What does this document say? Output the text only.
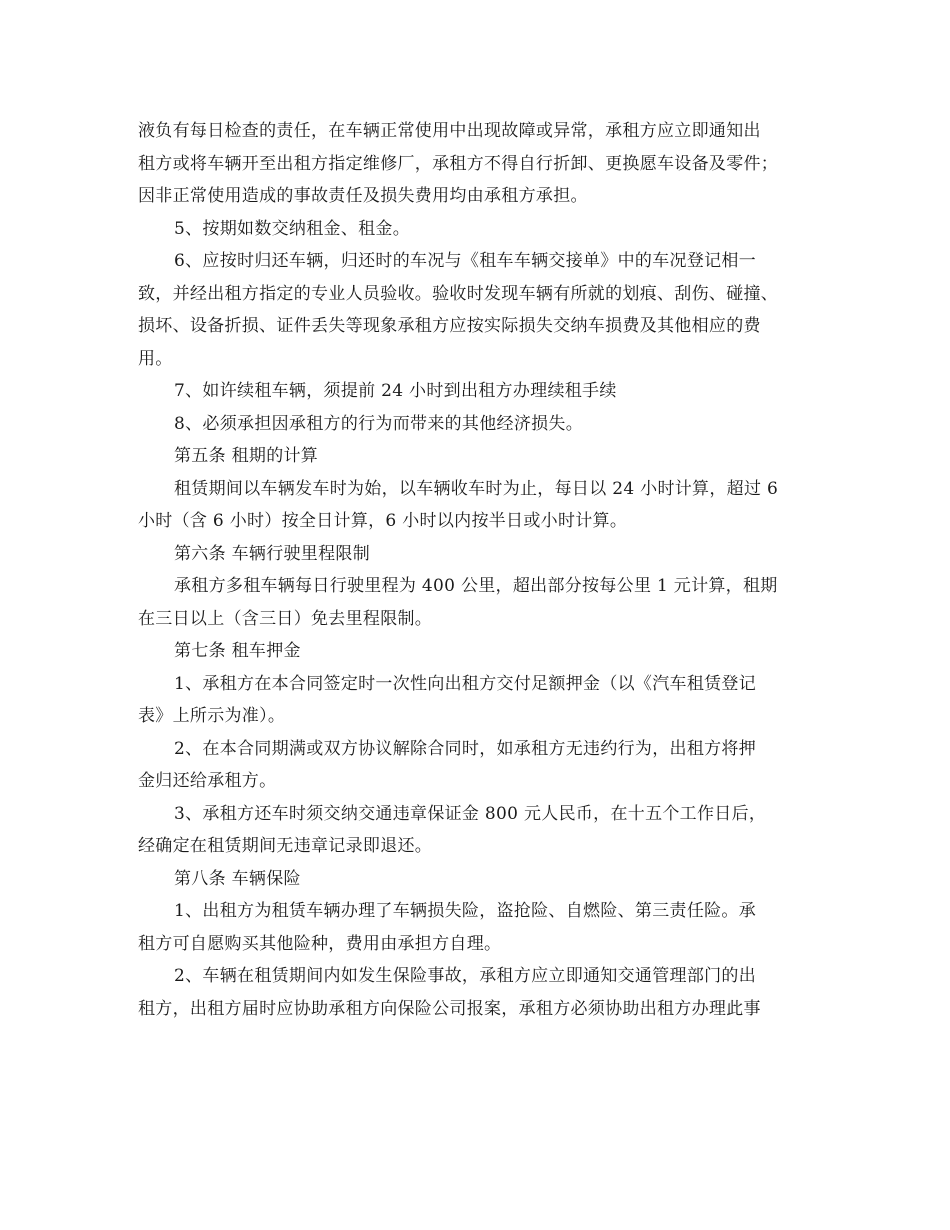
液负有每日检查的责任，在车辆正常使用中出现故障或异常，承租方应立即通知出
租方或将车辆开至出租方指定维修厂，承租方不得自行折卸、更换愿车设备及零件；
因非正常使用造成的事故责任及损失费用均由承租方承担。
5、按期如数交纳租金、租金。
6、应按时归还车辆，归还时的车况与《租车车辆交接单》中的车况登记相一
致，并经出租方指定的专业人员验收。验收时发现车辆有所就的划痕、刮伤、碰撞、
损坏、设备折损、证件丢失等现象承租方应按实际损失交纳车损费及其他相应的费
用。
7、如许续租车辆，须提前 24 小时到出租方办理续租手续
8、必须承担因承租方的行为而带来的其他经济损失。
第五条 租期的计算
租赁期间以车辆发车时为始，以车辆收车时为止，每日以 24 小时计算，超过 6
小时（含 6 小时）按全日计算，6 小时以内按半日或小时计算。
第六条 车辆行驶里程限制
承租方多租车辆每日行驶里程为 400 公里，超出部分按每公里 1 元计算，租期
在三日以上（含三日）免去里程限制。
第七条 租车押金
1、承租方在本合同签定时一次性向出租方交付足额押金（以《汽车租赁登记
表》上所示为准）。
2、在本合同期满或双方协议解除合同时，如承租方无违约行为，出租方将押
金归还给承租方。
3、承租方还车时须交纳交通违章保证金 800 元人民币，在十五个工作日后，
经确定在租赁期间无违章记录即退还。
第八条 车辆保险
1、出租方为租赁车辆办理了车辆损失险，盗抢险、自燃险、第三责任险。承
租方可自愿购买其他险种，费用由承担方自理。
2、车辆在租赁期间内如发生保险事故，承租方应立即通知交通管理部门的出
租方，出租方届时应协助承租方向保险公司报案，承租方必须协助出租方办理此事
